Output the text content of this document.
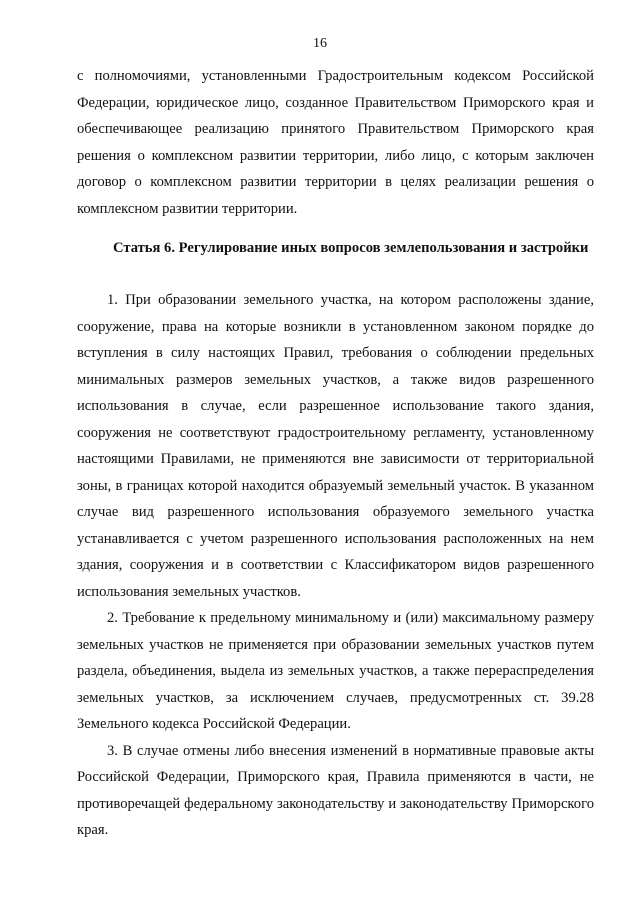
16

с полномочиями, установленными Градостроительным кодексом Российской Федерации, юридическое лицо, созданное Правительством Приморского края и обеспечивающее реализацию принятого Правительством Приморского края решения о комплексном развитии территории, либо лицо, с которым заключен договор о комплексном развитии территории в целях реализации решения о комплексном развитии территории.

Статья 6. Регулирование иных вопросов землепользования и застройки

1. При образовании земельного участка, на котором расположены здание, сооружение, права на которые возникли в установленном законом порядке до вступления в силу настоящих Правил, требования о соблюдении предельных минимальных размеров земельных участков, а также видов разрешенного использования в случае, если разрешенное использование такого здания, сооружения не соответствуют градостроительному регламенту, установленному настоящими Правилами, не применяются вне зависимости от территориальной зоны, в границах которой находится образуемый земельный участок. В указанном случае вид разрешенного использования образуемого земельного участка устанавливается с учетом разрешенного использования расположенных на нем здания, сооружения и в соответствии с Классификатором видов разрешенного использования земельных участков.

2. Требование к предельному минимальному и (или) максимальному размеру земельных участков не применяется при образовании земельных участков путем раздела, объединения, выдела из земельных участков, а также перераспределения земельных участков, за исключением случаев, предусмотренных ст. 39.28 Земельного кодекса Российской Федерации.

3. В случае отмены либо внесения изменений в нормативные правовые акты Российской Федерации, Приморского края, Правила применяются в части, не противоречащей федеральному законодательству и законодательству Приморского края.
